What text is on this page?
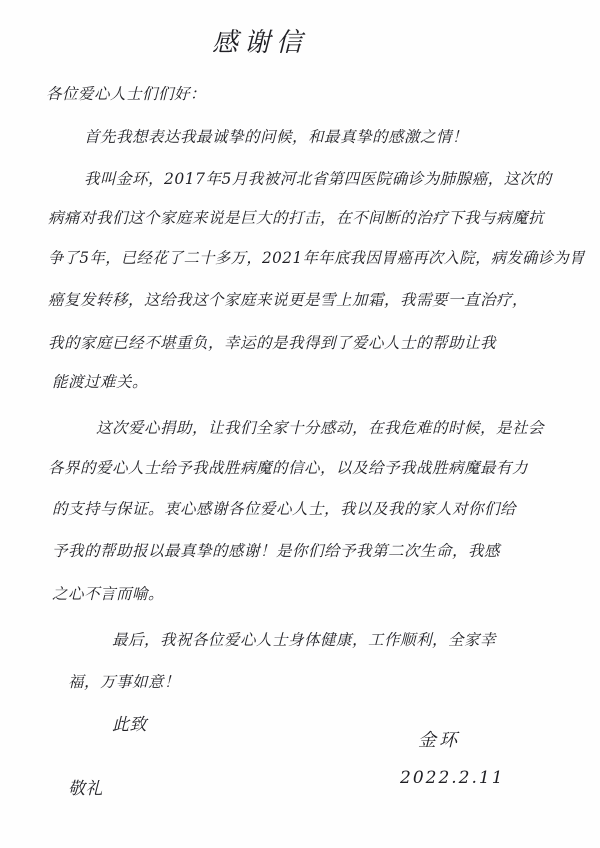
感谢信
各位爱心人士们们好：
首先我想表达我最诚挚的问候，和最真挚的感激之情！
我叫金环，2017年5月我被河北省第四医院确诊为肺腺癌，这次的
病痛对我们这个家庭来说是巨大的打击，在不间断的治疗下我与病魔抗
争了5年，已经花了二十多万，2021年年底我因胃癌再次入院，病发确诊为胃
癌复发转移，这给我这个家庭来说更是雪上加霜，我需要一直治疗，
我的家庭已经不堪重负，幸运的是我得到了爱心人士的帮助让我
能渡过难关。
这次爱心捐助，让我们全家十分感动，在我危难的时候，是社会
各界的爱心人士给予我战胜病魔的信心，以及给予我战胜病魔最有力
的支持与保证。衷心感谢各位爱心人士，我以及我的家人对你们给
予我的帮助报以最真挚的感谢！是你们给予我第二次生命，我感
之心不言而喻。
最后，我祝各位爱心人士身体健康，工作顺利，全家幸
福，万事如意！
此致
敬礼
金环
2022.2.11
